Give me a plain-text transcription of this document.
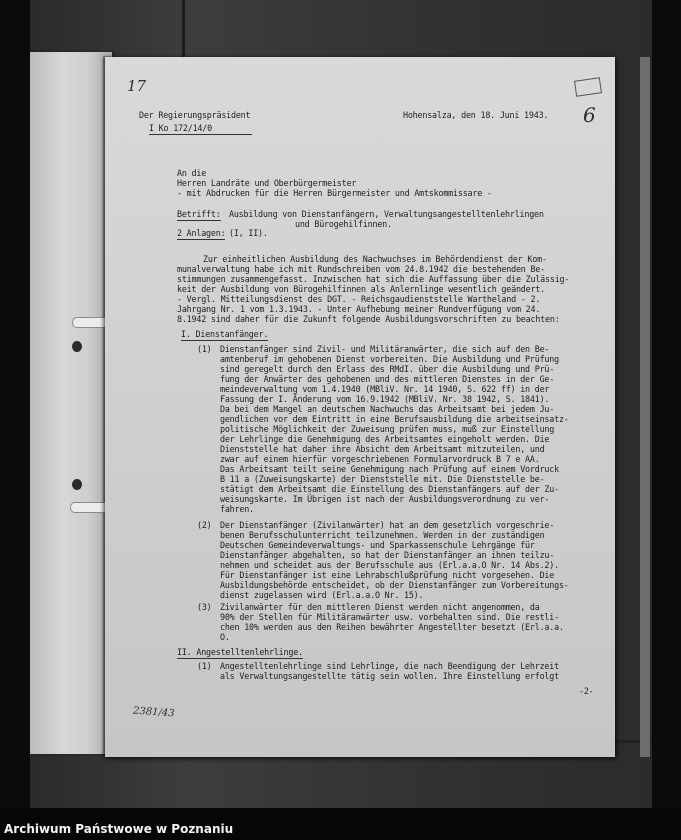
17
6
Der Regierungspräsident
I Ko 172/14/0
Hohensalza, den 18. Juni 1943.
An die
Herren Landräte und Oberbürgermeister
- mit Abdrucken für die Herren Bürgermeister und Amtskommissare -
Betrifft: Ausbildung von Dienstanfängern, Verwaltungsangestelltenlehrlingen
und Bürogehilfinnen.
2 Anlagen: (I, II).
Zur einheitlichen Ausbildung des Nachwuchses im Behördendienst der Kom-
munalverwaltung habe ich mit Rundschreiben vom 24.8.1942 die bestehenden Be-
stimmungen zusammengefasst. Inzwischen hat sich die Auffassung über die Zulässig-
keit der Ausbildung von Bürogehilfinnen als Anlernlinge wesentlich geändert.
- Vergl. Mitteilungsdienst des DGT. - Reichsgaudienststelle Wartheland - 2.
Jahrgang Nr. 1 vom 1.3.1943. - Unter Aufhebung meiner Rundverfügung vom 24.
8.1942 sind daher für die Zukunft folgende Ausbildungsvorschriften zu beachten:
I. Dienstanfänger.
(1) Dienstanfänger sind Zivil- und Militäranwärter, die sich auf den Be-
amtenberuf im gehobenen Dienst vorbereiten. Die Ausbildung und Prüfung
sind geregelt durch den Erlass des RMdI. über die Ausbildung und Prü-
fung der Anwärter des gehobenen und des mittleren Dienstes in der Ge-
meindeverwaltung vom 1.4.1940 (MBliV. Nr. 14 1940, S. 622 ff) in der
Fassung der I. Änderung vom 16.9.1942 (MBliV. Nr. 38 1942, S. 1841).
Da bei dem Mangel an deutschem Nachwuchs das Arbeitsamt bei jedem Ju-
gendlichen vor dem Eintritt in eine Berufsausbildung die arbeitseinsatz-
politische Möglichkeit der Zuweisung prüfen muss, muß zur Einstellung
der Lehrlinge die Genehmigung des Arbeitsamtes eingeholt werden. Die
Dienststelle hat daher ihre Absicht dem Arbeitsamt mitzuteilen, und
zwar auf einem hierfür vorgeschriebenen Formularvordruck B 7 e AA.
Das Arbeitsamt teilt seine Genehmigung nach Prüfung auf einem Vordruck
B 11 a (Zuweisungskarte) der Dienststelle mit. Die Dienststelle be-
stätigt dem Arbeitsamt die Einstellung des Dienstanfängers auf der Zu-
weisungskarte. Im Übrigen ist nach der Ausbildungsverordnung zu ver-
fahren.
(2) Der Dienstanfänger (Zivilanwärter) hat an dem gesetzlich vorgeschrie-
benen Berufsschulunterricht teilzunehmen. Werden in der zuständigen
Deutschen Gemeindeverwaltungs- und Sparkassenschule Lehrgänge für
Dienstanfänger abgehalten, so hat der Dienstanfänger an ihnen teilzu-
nehmen und scheidet aus der Berufsschule aus (Erl.a.a.O Nr. 14 Abs.2).
Für Dienstanfänger ist eine Lehrabschlußprüfung nicht vorgesehen. Die
Ausbildungsbehörde entscheidet, ob der Dienstanfänger zum Vorbereitungs-
dienst zugelassen wird (Erl.a.a.O Nr. 15).
(3) Zivilanwärter für den mittleren Dienst werden nicht angenommen, da
90% der Stellen für Militäranwärter usw. vorbehalten sind. Die restli-
chen 10% werden aus den Reihen bewährter Angestellter besetzt (Erl.a.a.
O.
II. Angestelltenlehrlinge.
(1) Angestelltenlehrlinge sind Lehrlinge, die nach Beendigung der Lehrzeit
als Verwaltungsangestellte tätig sein wollen. Ihre Einstellung erfolgt
-2-
2381/43
Archiwum Państwowe w Poznaniu
